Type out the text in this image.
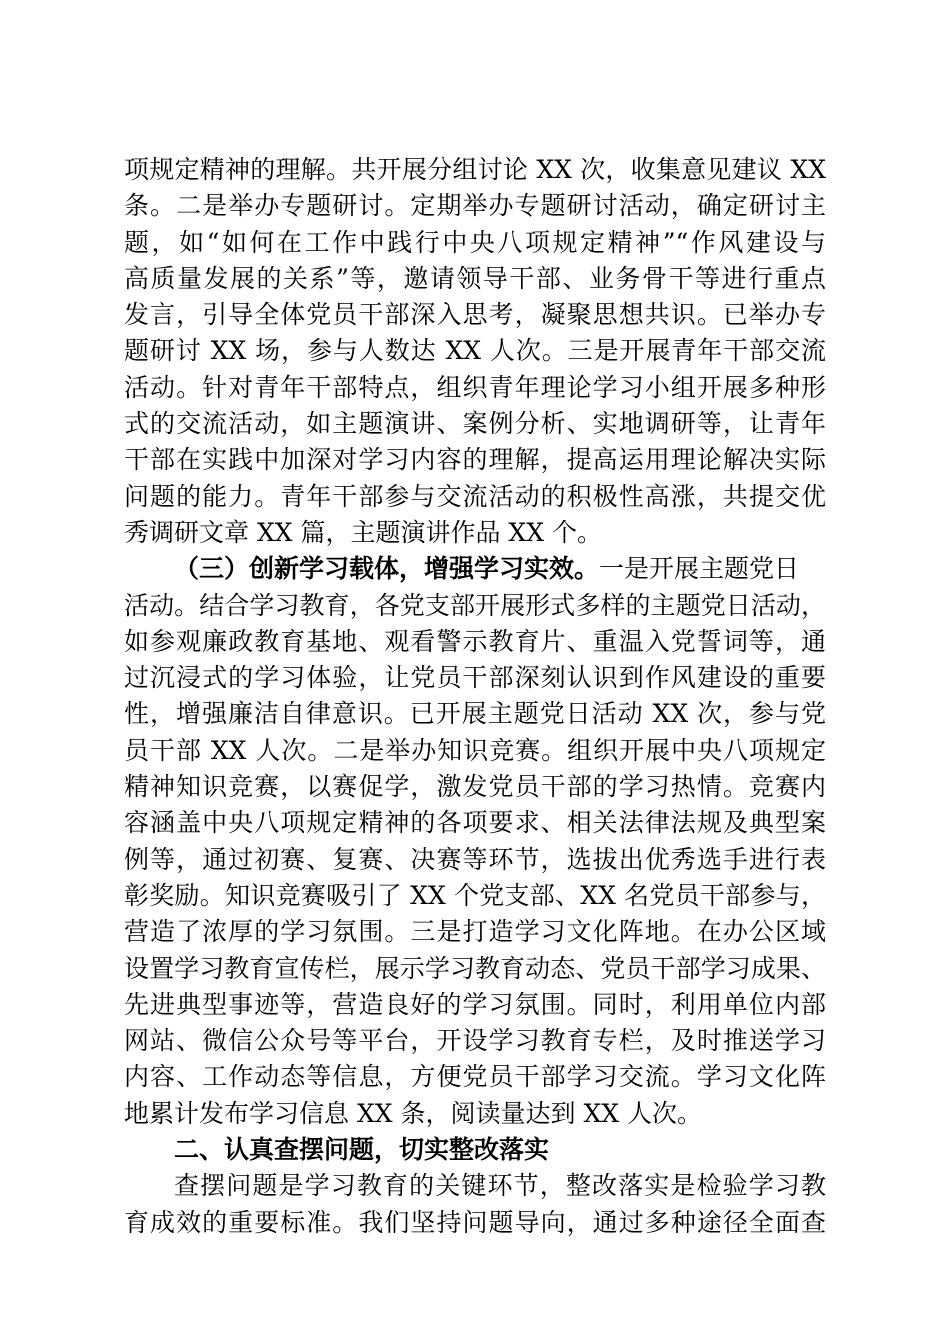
项规定精神的理解。共开展分组讨论 XX 次，收集意见建议 XX
条。二是举办专题研讨。定期举办专题研讨活动，确定研讨主
题，如“如何在工作中践行中央八项规定精神”“作风建设与
高质量发展的关系”等，邀请领导干部、业务骨干等进行重点
发言，引导全体党员干部深入思考，凝聚思想共识。已举办专
题研讨 XX 场，参与人数达 XX 人次。三是开展青年干部交流
活动。针对青年干部特点，组织青年理论学习小组开展多种形
式的交流活动，如主题演讲、案例分析、实地调研等，让青年
干部在实践中加深对学习内容的理解，提高运用理论解决实际
问题的能力。青年干部参与交流活动的积极性高涨，共提交优
秀调研文章 XX 篇，主题演讲作品 XX 个。
（三）创新学习载体，增强学习实效。一是开展主题党日
活动。结合学习教育，各党支部开展形式多样的主题党日活动，
如参观廉政教育基地、观看警示教育片、重温入党誓词等，通
过沉浸式的学习体验，让党员干部深刻认识到作风建设的重要
性，增强廉洁自律意识。已开展主题党日活动 XX 次，参与党
员干部 XX 人次。二是举办知识竞赛。组织开展中央八项规定
精神知识竞赛，以赛促学，激发党员干部的学习热情。竞赛内
容涵盖中央八项规定精神的各项要求、相关法律法规及典型案
例等，通过初赛、复赛、决赛等环节，选拔出优秀选手进行表
彰奖励。知识竞赛吸引了 XX 个党支部、XX 名党员干部参与，
营造了浓厚的学习氛围。三是打造学习文化阵地。在办公区域
设置学习教育宣传栏，展示学习教育动态、党员干部学习成果、
先进典型事迹等，营造良好的学习氛围。同时，利用单位内部
网站、微信公众号等平台，开设学习教育专栏，及时推送学习
内容、工作动态等信息，方便党员干部学习交流。学习文化阵
地累计发布学习信息 XX 条，阅读量达到 XX 人次。
二、认真查摆问题，切实整改落实
查摆问题是学习教育的关键环节，整改落实是检验学习教
育成效的重要标准。我们坚持问题导向，通过多种途径全面查
